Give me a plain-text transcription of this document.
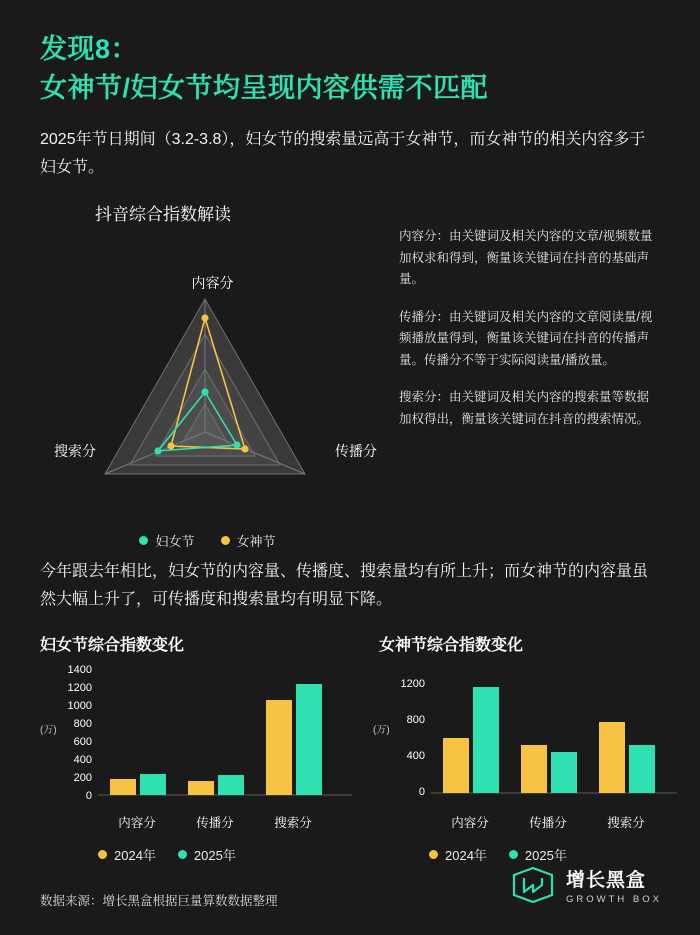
发现8：
女神节/妇女节均呈现内容供需不匹配
2025年节日期间（3.2-3.8），妇女节的搜索量远高于女神节，而女神节的相关内容多于妇女节。
抖音综合指数解读
内容分
搜索分	传播分
妇女节	女神节

内容分：由关键词及相关内容的文章/视频数量加权求和得到，衡量该关键词在抖音的基础声量。

传播分：由关键词及相关内容的文章阅读量/视频播放量得到，衡量该关键词在抖音的传播声量。传播分不等于实际阅读量/播放量。

搜索分：由关键词及相关内容的搜索量等数据加权得出，衡量该关键词在抖音的搜索情况。

今年跟去年相比，妇女节的内容量、传播度、搜索量均有所上升；而女神节的内容量虽然大幅上升了，可传播度和搜索量均有明显下降。
妇女节综合指数变化
1400
1200
1000
800
600
400
200
0
(万)
内容分	传播分	搜索分
2024年	2025年
女神节综合指数变化
1200
800
400
0
(万)
内容分	传播分	搜索分
2024年	2025年
数据来源：增长黑盒根据巨量算数数据整理
增长黑盒
GROWTH BOX
